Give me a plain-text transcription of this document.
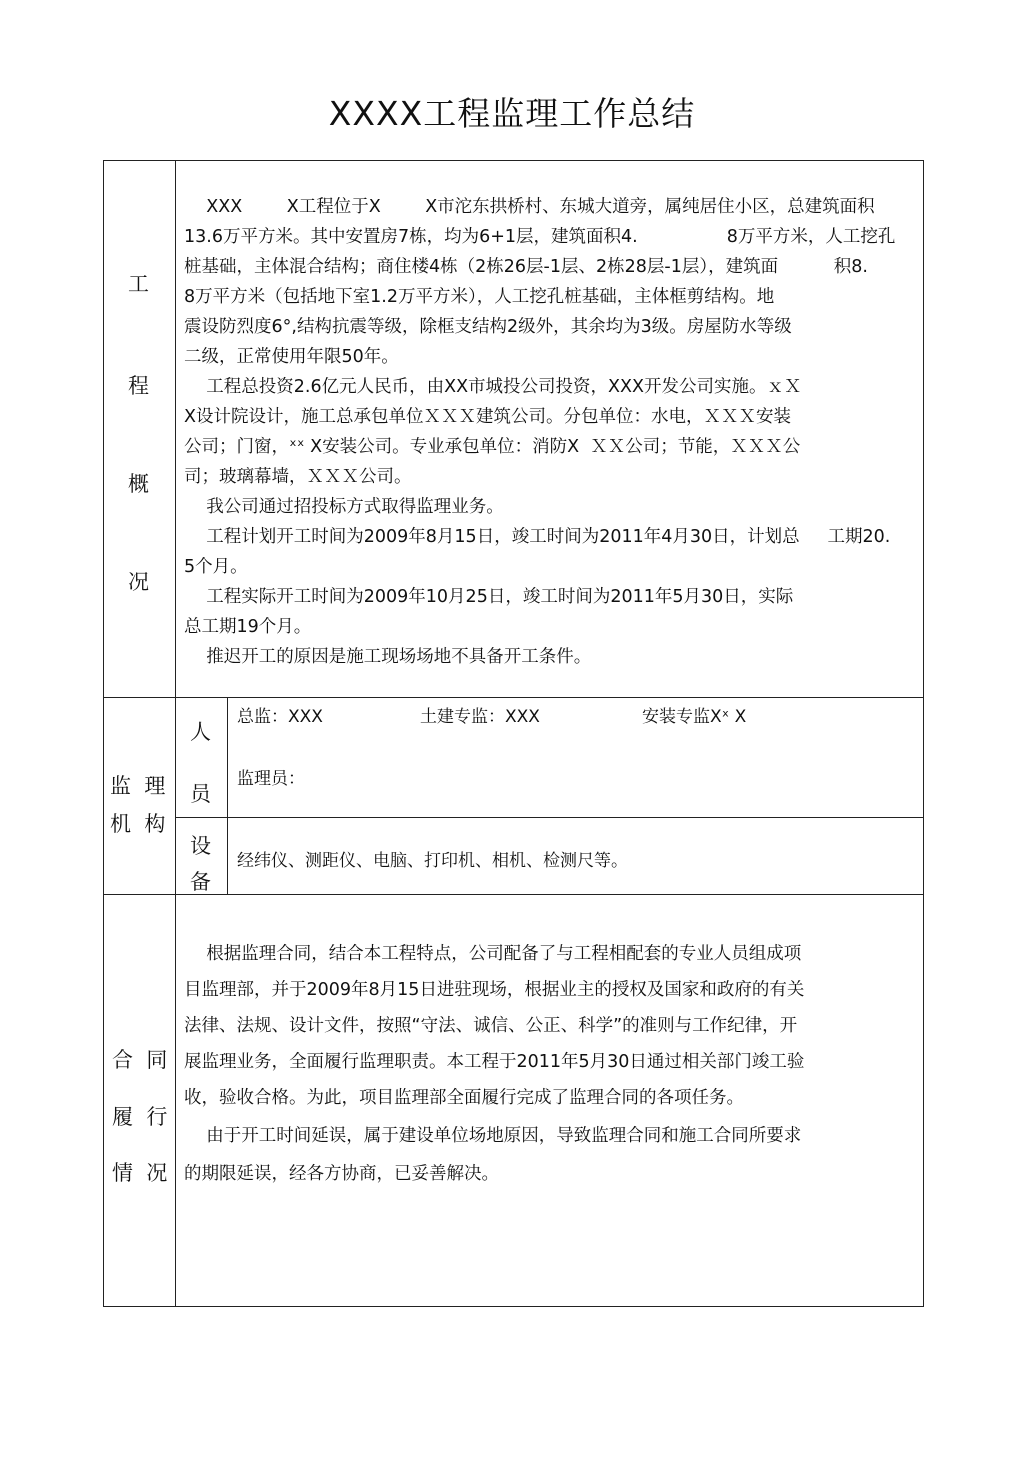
XXXX工程监理工作总结
工
程
概
况
XXX        X工程位于X        X市沱东拱桥村、东城大道旁，属纯居住小区，总建筑面积
13.6万平方米。其中安置房7栋，均为6+1层，建筑面积4.                8万平方米，人工挖孔
桩基础，主体混合结构；商住楼4栋（2栋26层-1层、2栋28层-1层），建筑面          积8.
8万平方米（包括地下室1.2万平方米），人工挖孔桩基础，主体框剪结构。地
震设防烈度6°,结构抗震等级，除框支结构2级外，其余均为3级。房屋防水等级
二级，正常使用年限50年。
工程总投资2.6亿元人民币，由XX市城投公司投资，XXX开发公司实施。ｘＸ
X设计院设计，施工总承包单位ＸＸＸ建筑公司。分包单位：水电，ＸＸＸ安装
公司；门窗，ˣˣ X安装公司。专业承包单位：消防X  ＸＸ公司；节能，ＸＸＸ公
司；玻璃幕墙，ＸＸＸ公司。
我公司通过招投标方式取得监理业务。
工程计划开工时间为2009年8月15日，竣工时间为2011年4月30日，计划总     工期20.
5个月。
工程实际开工时间为2009年10月25日，竣工时间为2011年5月30日，实际
总工期19个月。
推迟开工的原因是施工现场场地不具备开工条件。
监  理
机  构
人
员
总监：XXX	土建专监：XXX	安装专监Xˣ X
监理员：
设
备
经纬仪、测距仪、电脑、打印机、相机、检测尺等。
合  同
履  行
情  况
根据监理合同，结合本工程特点，公司配备了与工程相配套的专业人员组成项
目监理部，并于2009年8月15日进驻现场，根据业主的授权及国家和政府的有关
法律、法规、设计文件，按照“守法、诚信、公正、科学”的准则与工作纪律，开
展监理业务，全面履行监理职责。本工程于2011年5月30日通过相关部门竣工验
收，验收合格。为此，项目监理部全面履行完成了监理合同的各项任务。
由于开工时间延误，属于建设单位场地原因，导致监理合同和施工合同所要求
的期限延误，经各方协商，已妥善解决。
